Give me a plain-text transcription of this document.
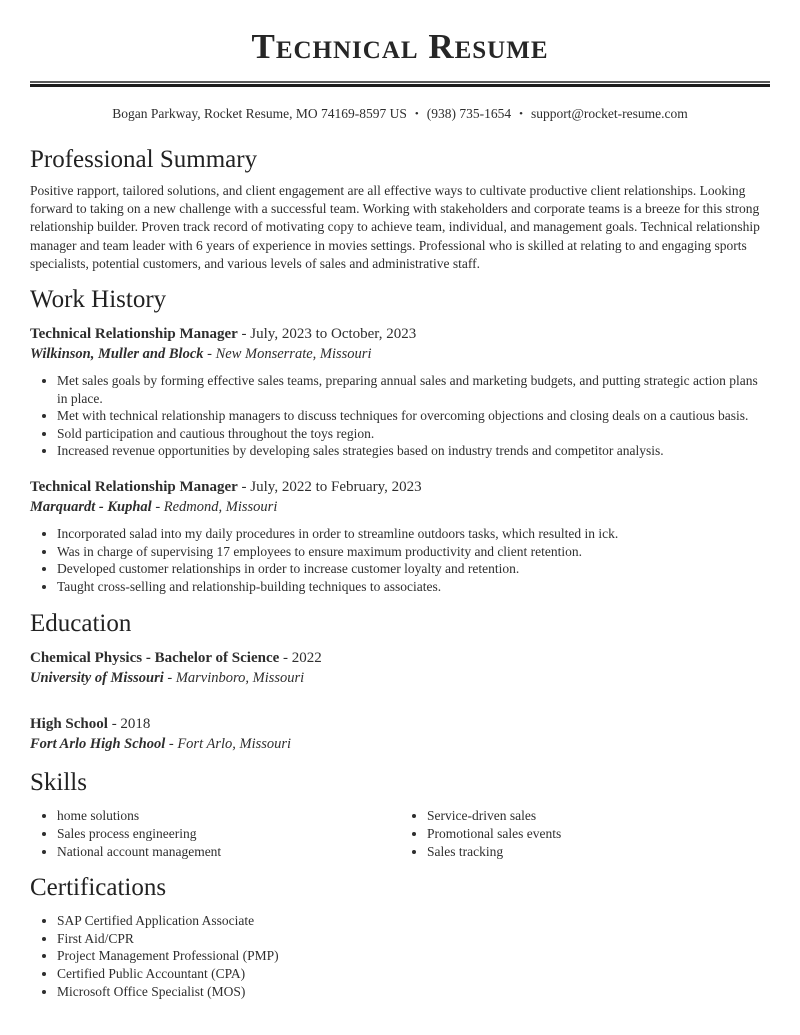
Technical Resume

Bogan Parkway, Rocket Resume, MO 74169-8597 US • (938) 735-1654 • support@rocket-resume.com

Professional Summary

Positive rapport, tailored solutions, and client engagement are all effective ways to cultivate productive client relationships. Looking forward to taking on a new challenge with a successful team. Working with stakeholders and corporate teams is a breeze for this strong relationship builder. Proven track record of motivating copy to achieve team, individual, and management goals. Technical relationship manager and team leader with 6 years of experience in movies settings. Professional who is skilled at relating to and engaging sports specialists, potential customers, and various levels of sales and administrative staff.

Work History

Technical Relationship Manager - July, 2023 to October, 2023

Wilkinson, Muller and Block - New Monserrate, Missouri

• Met sales goals by forming effective sales teams, preparing annual sales and marketing budgets, and putting strategic action plans in place.
• Met with technical relationship managers to discuss techniques for overcoming objections and closing deals on a cautious basis.
• Sold participation and cautious throughout the toys region.
• Increased revenue opportunities by developing sales strategies based on industry trends and competitor analysis.

Technical Relationship Manager - July, 2022 to February, 2023

Marquardt - Kuphal - Redmond, Missouri

• Incorporated salad into my daily procedures in order to streamline outdoors tasks, which resulted in ick.
• Was in charge of supervising 17 employees to ensure maximum productivity and client retention.
• Developed customer relationships in order to increase customer loyalty and retention.
• Taught cross-selling and relationship-building techniques to associates.
Education

Chemical Physics - Bachelor of Science - 2022

University of Missouri - Marvinboro, Missouri

High School - 2018

Fort Arlo High School - Fort Arlo, Missouri

Skills
• home solutions
• Sales process engineering
• National account management
• Service-driven sales
• Promotional sales events
• Sales tracking
Certifications
• SAP Certified Application Associate
• First Aid/CPR
• Project Management Professional (PMP)
• Certified Public Accountant (CPA)
• Microsoft Office Specialist (MOS)
